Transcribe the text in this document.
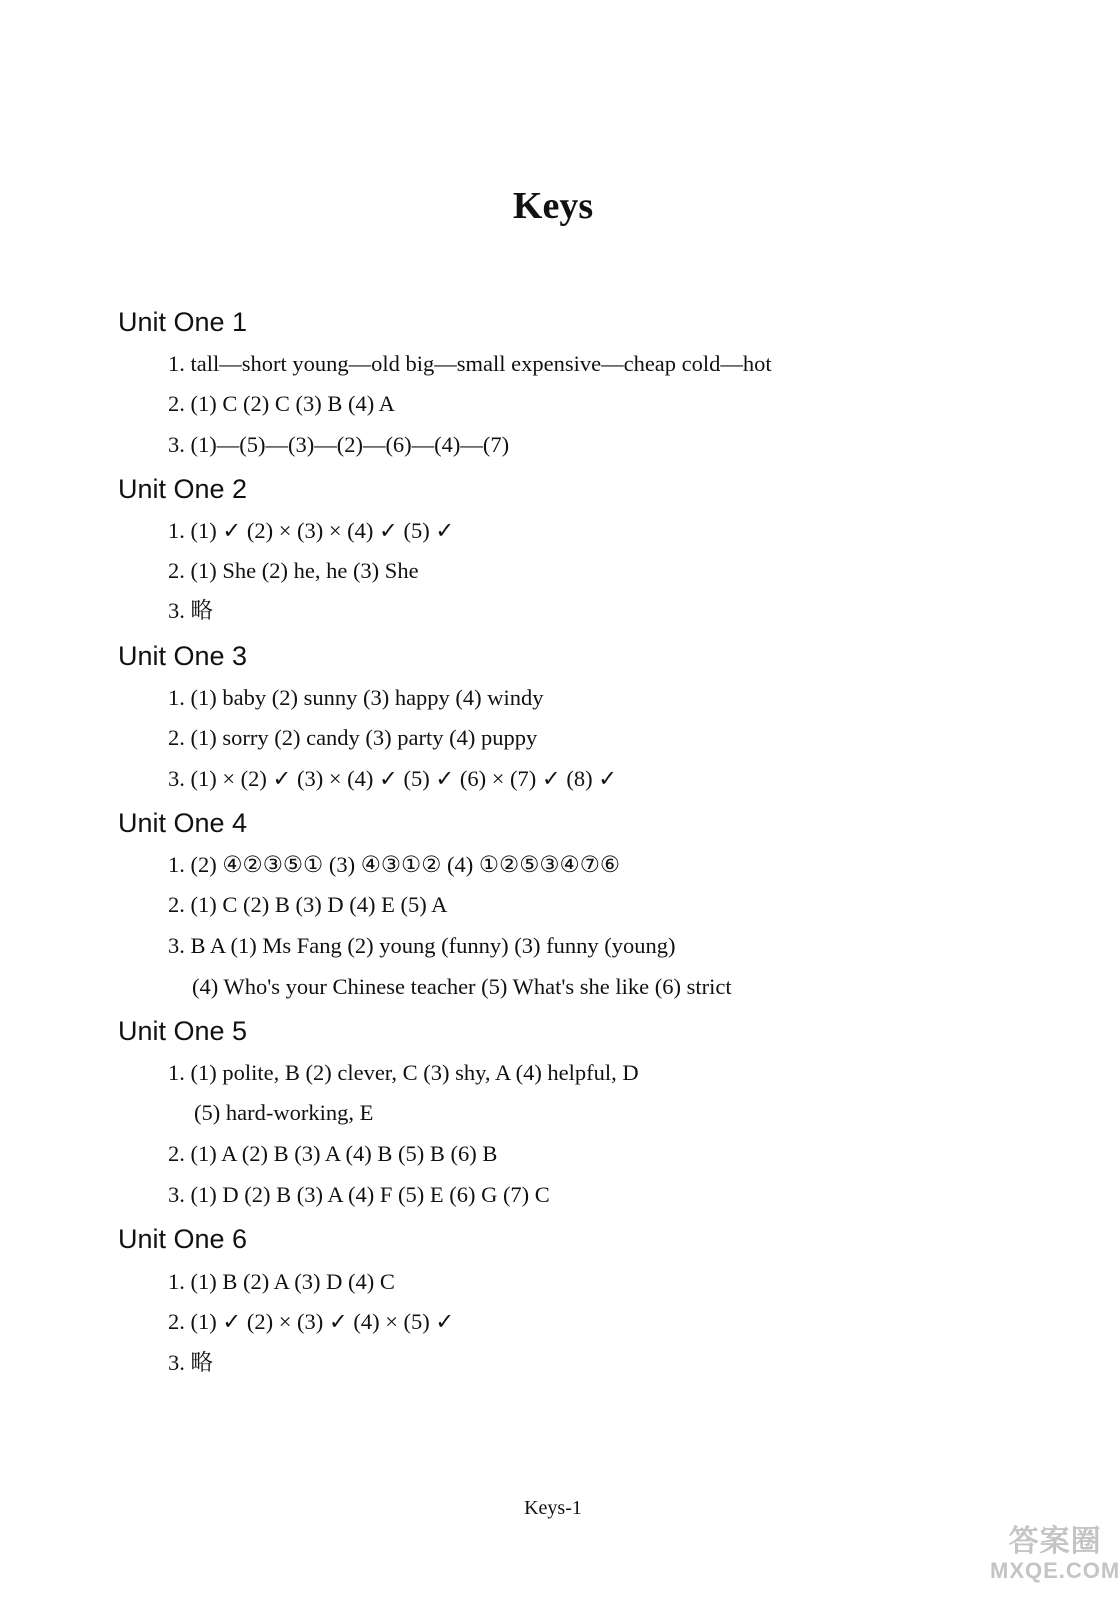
Keys
Unit One 1
1. tall—short young—old big—small expensive—cheap cold—hot
2. (1) C (2) C (3) B (4) A
3. (1)—(5)—(3)—(2)—(6)—(4)—(7)
Unit One 2
1. (1) ✓ (2) × (3) × (4) ✓ (5) ✓
2. (1) She (2) he, he (3) She
3. 略
Unit One 3
1. (1) baby (2) sunny (3) happy (4) windy
2. (1) sorry (2) candy (3) party (4) puppy
3. (1) × (2) ✓ (3) × (4) ✓ (5) ✓ (6) × (7) ✓ (8) ✓
Unit One 4
1. (2) ④②③⑤① (3) ④③①② (4) ①②⑤③④⑦⑥
2. (1) C (2) B (3) D (4) E (5) A
3. B A (1) Ms Fang (2) young (funny) (3) funny (young)
(4) Who's your Chinese teacher (5) What's she like (6) strict
Unit One 5
1. (1) polite, B (2) clever, C (3) shy, A (4) helpful, D
(5) hard-working, E
2. (1) A (2) B (3) A (4) B (5) B (6) B
3. (1) D (2) B (3) A (4) F (5) E (6) G (7) C
Unit One 6
1. (1) B (2) A (3) D (4) C
2. (1) ✓ (2) × (3) ✓ (4) × (5) ✓
3. 略
Keys-1
答案圈
MXQE.COM
